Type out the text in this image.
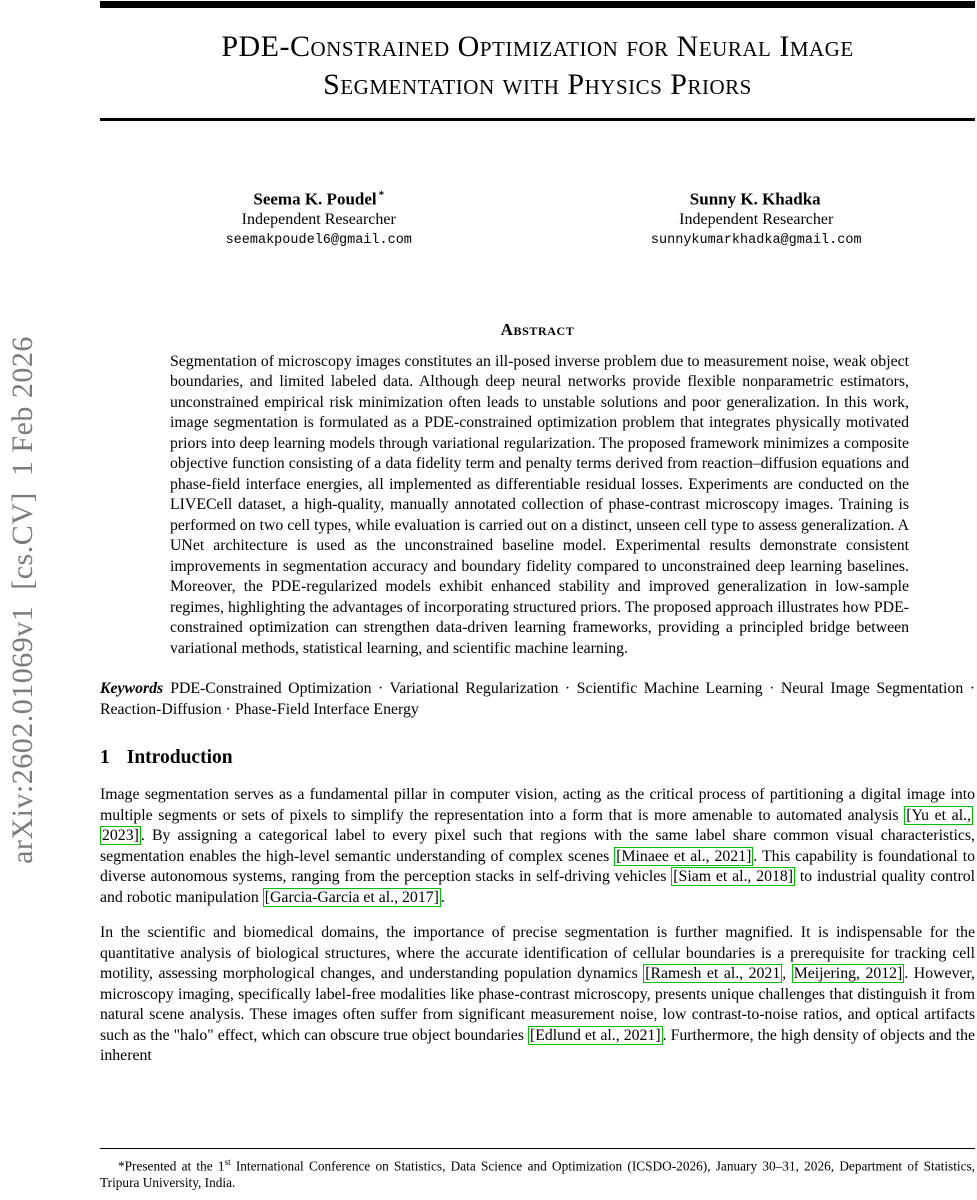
arXiv:2602.01069v1  [cs.CV]  1 Feb 2026
PDE-Constrained Optimization for Neural Image Segmentation with Physics Priors
Seema K. Poudel *
Independent Researcher
seemakpoudel6@gmail.com
Sunny K. Khadka
Independent Researcher
sunnykumarkhadka@gmail.com
Abstract

Segmentation of microscopy images constitutes an ill-posed inverse problem due to measurement noise, weak object boundaries, and limited labeled data. Although deep neural networks provide flexible nonparametric estimators, unconstrained empirical risk minimization often leads to unstable solutions and poor generalization. In this work, image segmentation is formulated as a PDE-constrained optimization problem that integrates physically motivated priors into deep learning models through variational regularization. The proposed framework minimizes a composite objective function consisting of a data fidelity term and penalty terms derived from reaction–diffusion equations and phase-field interface energies, all implemented as differentiable residual losses. Experiments are conducted on the LIVECell dataset, a high-quality, manually annotated collection of phase-contrast microscopy images. Training is performed on two cell types, while evaluation is carried out on a distinct, unseen cell type to assess generalization. A UNet architecture is used as the unconstrained baseline model. Experimental results demonstrate consistent improvements in segmentation accuracy and boundary fidelity compared to unconstrained deep learning baselines. Moreover, the PDE-regularized models exhibit enhanced stability and improved generalization in low-sample regimes, highlighting the advantages of incorporating structured priors. The proposed approach illustrates how PDE-constrained optimization can strengthen data-driven learning frameworks, providing a principled bridge between variational methods, statistical learning, and scientific machine learning.

Keywords PDE-Constrained Optimization · Variational Regularization · Scientific Machine Learning · Neural Image Segmentation · Reaction-Diffusion · Phase-Field Interface Energy

1 Introduction

Image segmentation serves as a fundamental pillar in computer vision, acting as the critical process of partitioning a digital image into multiple segments or sets of pixels to simplify the representation into a form that is more amenable to automated analysis [Yu et al., 2023] . By assigning a categorical label to every pixel such that regions with the same label share common visual characteristics, segmentation enables the high-level semantic understanding of complex scenes [Minaee et al., 2021] . This capability is foundational to diverse autonomous systems, ranging from the perception stacks in self-driving vehicles [Siam et al., 2018] to industrial quality control and robotic manipulation [Garcia-Garcia et al., 2017] .

In the scientific and biomedical domains, the importance of precise segmentation is further magnified. It is indispensable for the quantitative analysis of biological structures, where the accurate identification of cellular boundaries is a prerequisite for tracking cell motility, assessing morphological changes, and understanding population dynamics [Ramesh et al., 2021 , Meijering, 2012] . However, microscopy imaging, specifically label-free modalities like phase-contrast microscopy, presents unique challenges that distinguish it from natural scene analysis. These images often suffer from significant measurement noise, low contrast-to-noise ratios, and optical artifacts such as the "halo" effect, which can obscure true object boundaries [Edlund et al., 2021] . Furthermore, the high density of objects and the inherent

*Presented at the 1st International Conference on Statistics, Data Science and Optimization (ICSDO-2026), January 30–31, 2026, Department of Statistics, Tripura University, India.
